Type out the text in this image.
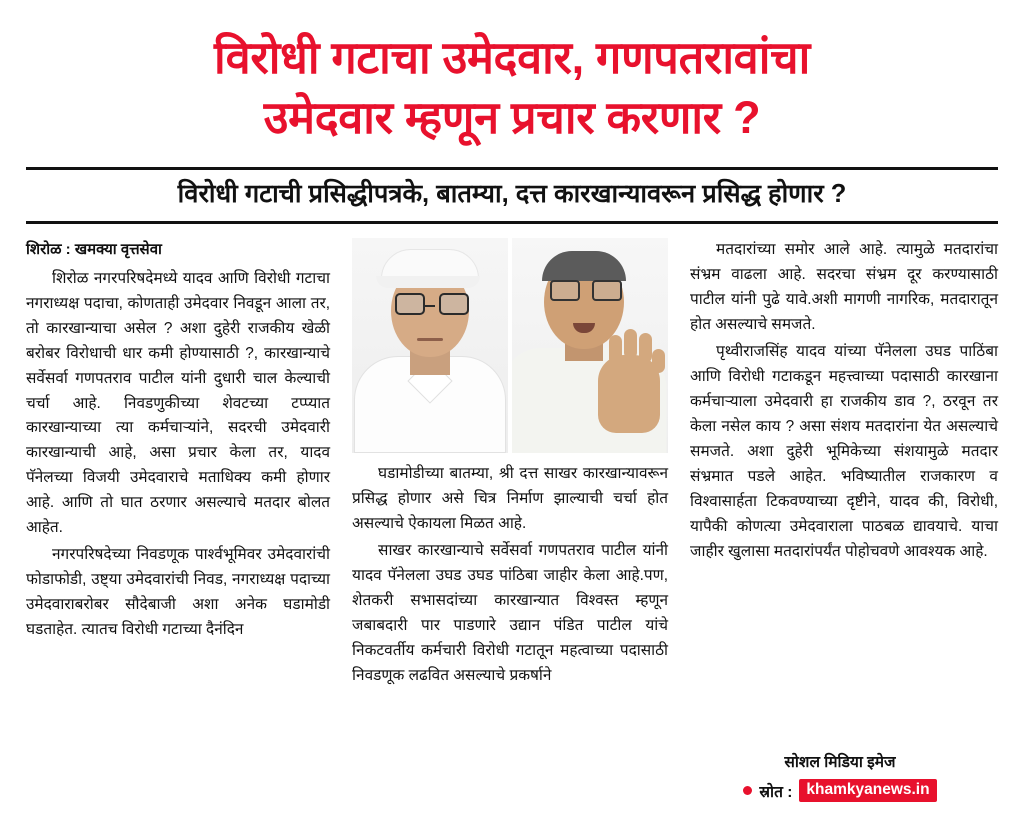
विरोधी गटाचा उमेदवार, गणपतरावांचा
उमेदवार म्हणून प्रचार करणार ?
विरोधी गटाची प्रसिद्धीपत्रके, बातम्या, दत्त कारखान्यावरून प्रसिद्ध होणार ?
शिरोळ : खमक्या वृत्तसेवा

शिरोळ नगरपरिषदेमध्ये यादव आणि विरोधी गटाचा नगराध्यक्ष पदाचा, कोणताही उमेदवार निवडून आला तर, तो कारखान्याचा असेल ? अशा दुहेरी राजकीय खेळी बरोबर विरोधाची धार कमी होण्यासाठी ?, कारखान्याचे सर्वेसर्वा गणपतराव पाटील यांनी दुधारी चाल केल्याची चर्चा आहे. निवडणुकीच्या शेवटच्या टप्प्यात कारखान्याच्या त्या कर्मचाऱ्यांने, सदरची उमेदवारी कारखान्याची आहे, असा प्रचार केला तर, यादव पॅनेलच्या विजयी उमेदवाराचे मताधिक्य कमी होणार आहे. आणि तो घात ठरणार असल्याचे मतदार बोलत आहेत.

नगरपरिषदेच्या निवडणूक पार्श्वभूमिवर उमेदवारांची फोडाफोडी, उष्ट्या उमेदवारांची निवड, नगराध्यक्ष पदाच्या उमेदवाराबरोबर सौदेबाजी अशा अनेक घडामोडी घडताहेत. त्यातच विरोधी गटाच्या दैनंदिन

घडामोडीच्या बातम्या, श्री दत्त साखर कारखान्यावरून प्रसिद्ध होणार असे चित्र निर्माण झाल्याची चर्चा होत असल्याचे ऐकायला मिळत आहे.

साखर कारखान्याचे सर्वेसर्वा गणपतराव पाटील यांनी यादव पॅनेलला उघड उघड पांठिबा जाहीर केला आहे.पण, शेतकरी सभासदांच्या कारखान्यात विश्वस्त म्हणून जबाबदारी पार पाडणारे उद्यान पंडित पाटील यांचे निकटवर्तीय कर्मचारी विरोधी गटातून महत्वाच्या पदासाठी निवडणूक लढवित असल्याचे प्रकर्षाने

मतदारांच्या समोर आले आहे. त्यामुळे मतदारांचा संभ्रम वाढला आहे. सदरचा संभ्रम दूर करण्यासाठी पाटील यांनी पुढे यावे.अशी मागणी नागरिक, मतदारातून होत असल्याचे समजते.

पृथ्वीराजसिंह यादव यांच्या पॅनेलला उघड पाठिंबा आणि विरोधी गटाकडून महत्त्वाच्या पदासाठी कारखाना कर्मचाऱ्याला उमेदवारी हा राजकीय डाव ?, ठरवून तर केला नसेल काय ? असा संशय मतदारांना येत असल्याचे समजते. अशा दुहेरी भूमिकेच्या संशयामुळे मतदार संभ्रमात पडले आहेत. भविष्यातील राजकारण व विश्वासार्हता टिकवण्याच्या दृष्टीने, यादव की, विरोधी, यापैकी कोणत्या उमेदवाराला पाठबळ द्यावयाचे. याचा जाहीर खुलासा मतदारांपर्यंत पोहोचवणे आवश्यक आहे.

सोशल मिडिया इमेज
स्रोत : khamkyanews.in
